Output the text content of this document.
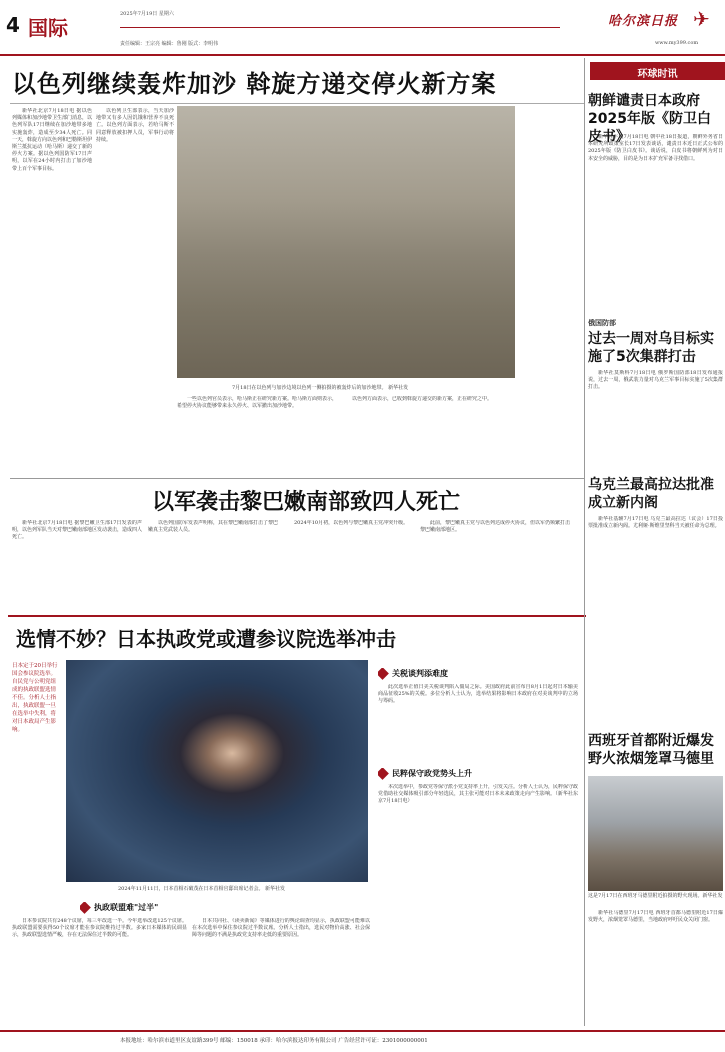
4 国际
2025年7月19日 星期六
责任编辑：王宗亮 编辑：鲁刚 版式：李明伟
哈尔滨日报 ✈
www.my399.com
以色列继续轰炸加沙 斡旋方递交停火新方案

新华社北京7月18日电 据以色列媒体和加沙地带卫生部门消息，以色列军队17日继续在加沙地带多地实施轰炸，造成至少34人死亡。同一天，斡旋方向以色列和巴勒斯坦伊斯兰抵抗运动（哈马斯）递交了新的停火方案。据以色列国防军17日声明，以军在24小时内打击了加沙地带上百个军事目标。

以色列卫生部表示，当天加沙地带又有多人因饥饿和营养不良死亡。以色列方面表示，若哈马斯不同意释放被扣押人员，军事行动将持续。

7月18日在以色列与加沙边境以色列一侧拍摄的被轰炸后的加沙地带。 新华社发

一些以色列官员表示，哈马斯正在研究新方案。哈马斯方面则表示，希望停火协议能够带来永久停火、以军撤出加沙地带。

以色列方面表示，已收到斡旋方递交的新方案，正在研究之中。

以军袭击黎巴嫩南部致四人死亡

新华社北京7月18日电 据黎巴嫩卫生部17日发表的声明，以色列军队当天对黎巴嫩南部地区发动袭击，造成四人死亡。

以色列国防军发表声明称，其在黎巴嫩南部打击了黎巴嫩真主党武装人员。

2024年10月初，以色列与黎巴嫩真主党冲突升级。	此前，黎巴嫩真主党与以色列达成停火协议，但以军仍频繁打击黎巴嫩南部地区。

选情不妙？日本执政党或遭参议院选举冲击
日本定于20日举行国会参议院选举。自民党与公明党组成的执政联盟选情不佳。分析人士指出，执政联盟一旦在选举中失利，将对日本政局产生影响。
2024年11月11日，日本首相石破茂在日本首相官邸出席记者会。 新华社发
关税谈判添难度

此次选举正值日美关税谈判陷入僵局之际。美国政府此前宣布自8月1日起对日本输美商品征收25%的关税。多位分析人士认为，选举结果将影响日本政府在对美谈判中的立场与筹码。

民粹保守政党势头上升

本次选举中，参政党等保守派小党支持率上升，引发关注。分析人士认为，民粹保守政党借助社交媒体吸引部分年轻选民，其主张可能对日本未来政策走向产生影响。（新华社东京7月18日电）

执政联盟难"过半"

日本参议院共有248个议席，每三年改选一半。今年选举改选125个议席。执政联盟需要获得50个议席才能在参议院维持过半数。多家日本媒体的民调显示，执政联盟选情严峻，存在无法保住过半数的可能。

日本共同社、《读卖新闻》等媒体进行的舆论调查均显示，执政联盟可能难以在本次选举中保住参议院过半数议席。分析人士指出，选民对物价高涨、社会保障等问题的不满是执政党支持率走低的重要原因。

环球时讯
朝鲜谴责日本政府2025年版《防卫白皮书》

新华社平壤7月18日电 朝中社18日报道，朝鲜外务省日本研究所政策室长17日发表谈话，谴责日本近日正式公布的2025年版《防卫白皮书》。谈话说，白皮书将朝鲜列为对日本安全的威胁，目的是为日本扩充军备寻找借口。

俄国防部
过去一周对乌目标实施了5次集群打击

新华社莫斯科7月18日电 俄罗斯国防部18日发布通报说，过去一周，俄武装力量对乌克兰军事目标实施了5次集群打击。

乌克兰最高拉达批准成立新内阁

新华社基辅7月17日电 乌克兰最高拉达（议会）17日投票批准成立新内阁。尤利娅·斯维里坚科当天被任命为总理。

西班牙首都附近爆发野火浓烟笼罩马德里
这是7月17日在西班牙马德里附近拍摄的野火现场。新华社发

新华社马德里7月17日电 西班牙首都马德里附近17日爆发野火，浓烟笼罩马德里，当地政府呼吁民众关闭门窗。

本报地址：哈尔滨市道里区友谊路399号 邮编：150018 承印：哈尔滨报达印务有限公司 广告经营许可证：2301000000001
